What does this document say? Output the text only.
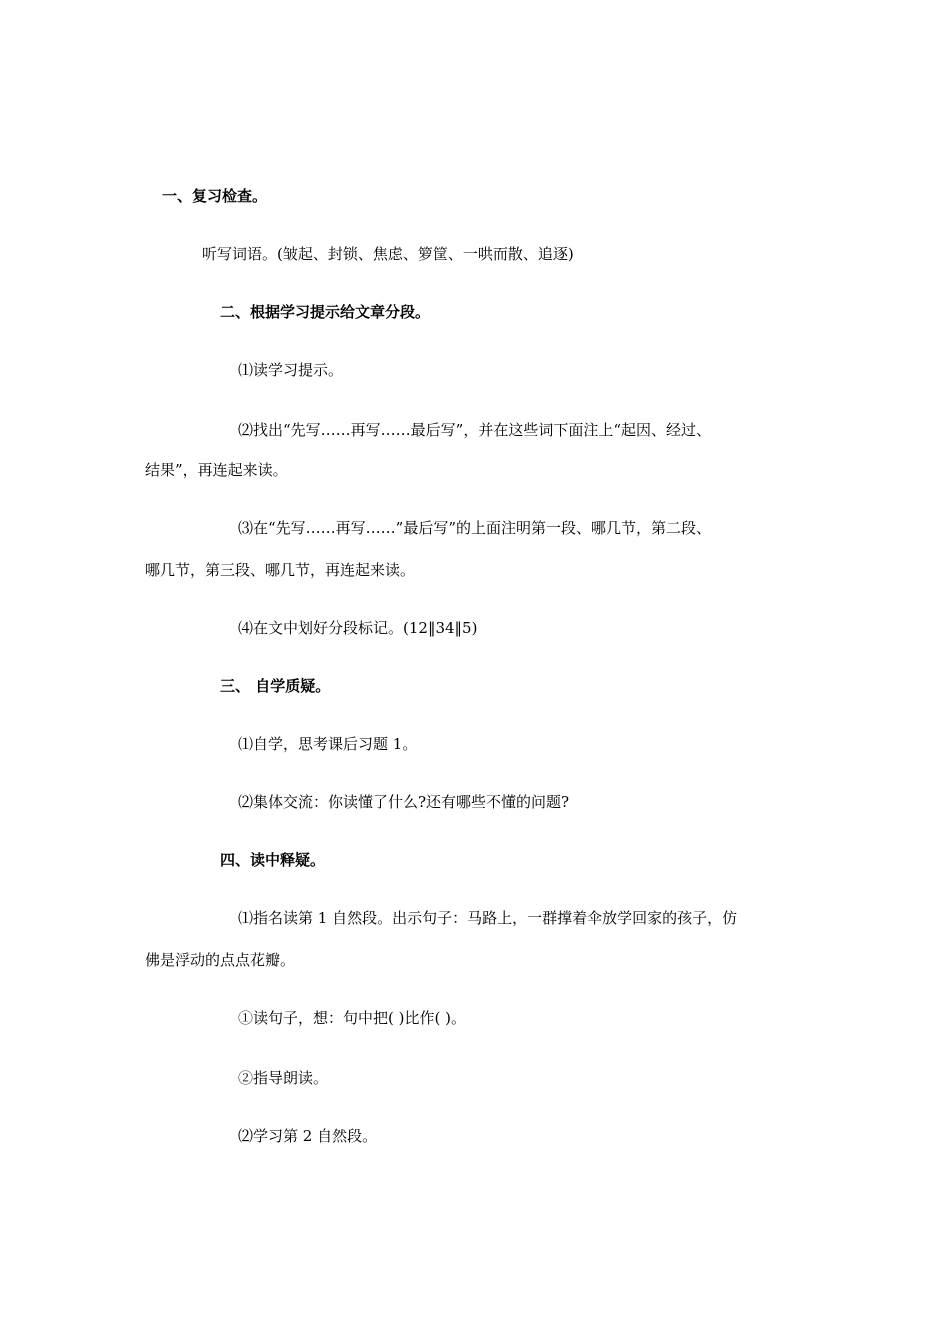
一、复习检查。
听写词语。(皱起、封锁、焦虑、箩筐、一哄而散、追逐)
二、根据学习提示给文章分段。
⑴读学习提示。
⑵找出“先写……再写……最后写”，并在这些词下面注上“起因、经过、
结果”，再连起来读。
⑶在“先写……再写……”最后写”的上面注明第一段、哪几节，第二段、
哪几节，第三段、哪几节，再连起来读。
⑷在文中划好分段标记。(12‖34‖5)
三、 自学质疑。
⑴自学，思考课后习题 1。
⑵集体交流：你读懂了什么?还有哪些不懂的问题?
四、读中释疑。
⑴指名读第 1 自然段。出示句子：马路上，一群撑着伞放学回家的孩子，仿
佛是浮动的点点花瓣。
①读句子，想：句中把( )比作( )。
②指导朗读。
⑵学习第 2 自然段。
